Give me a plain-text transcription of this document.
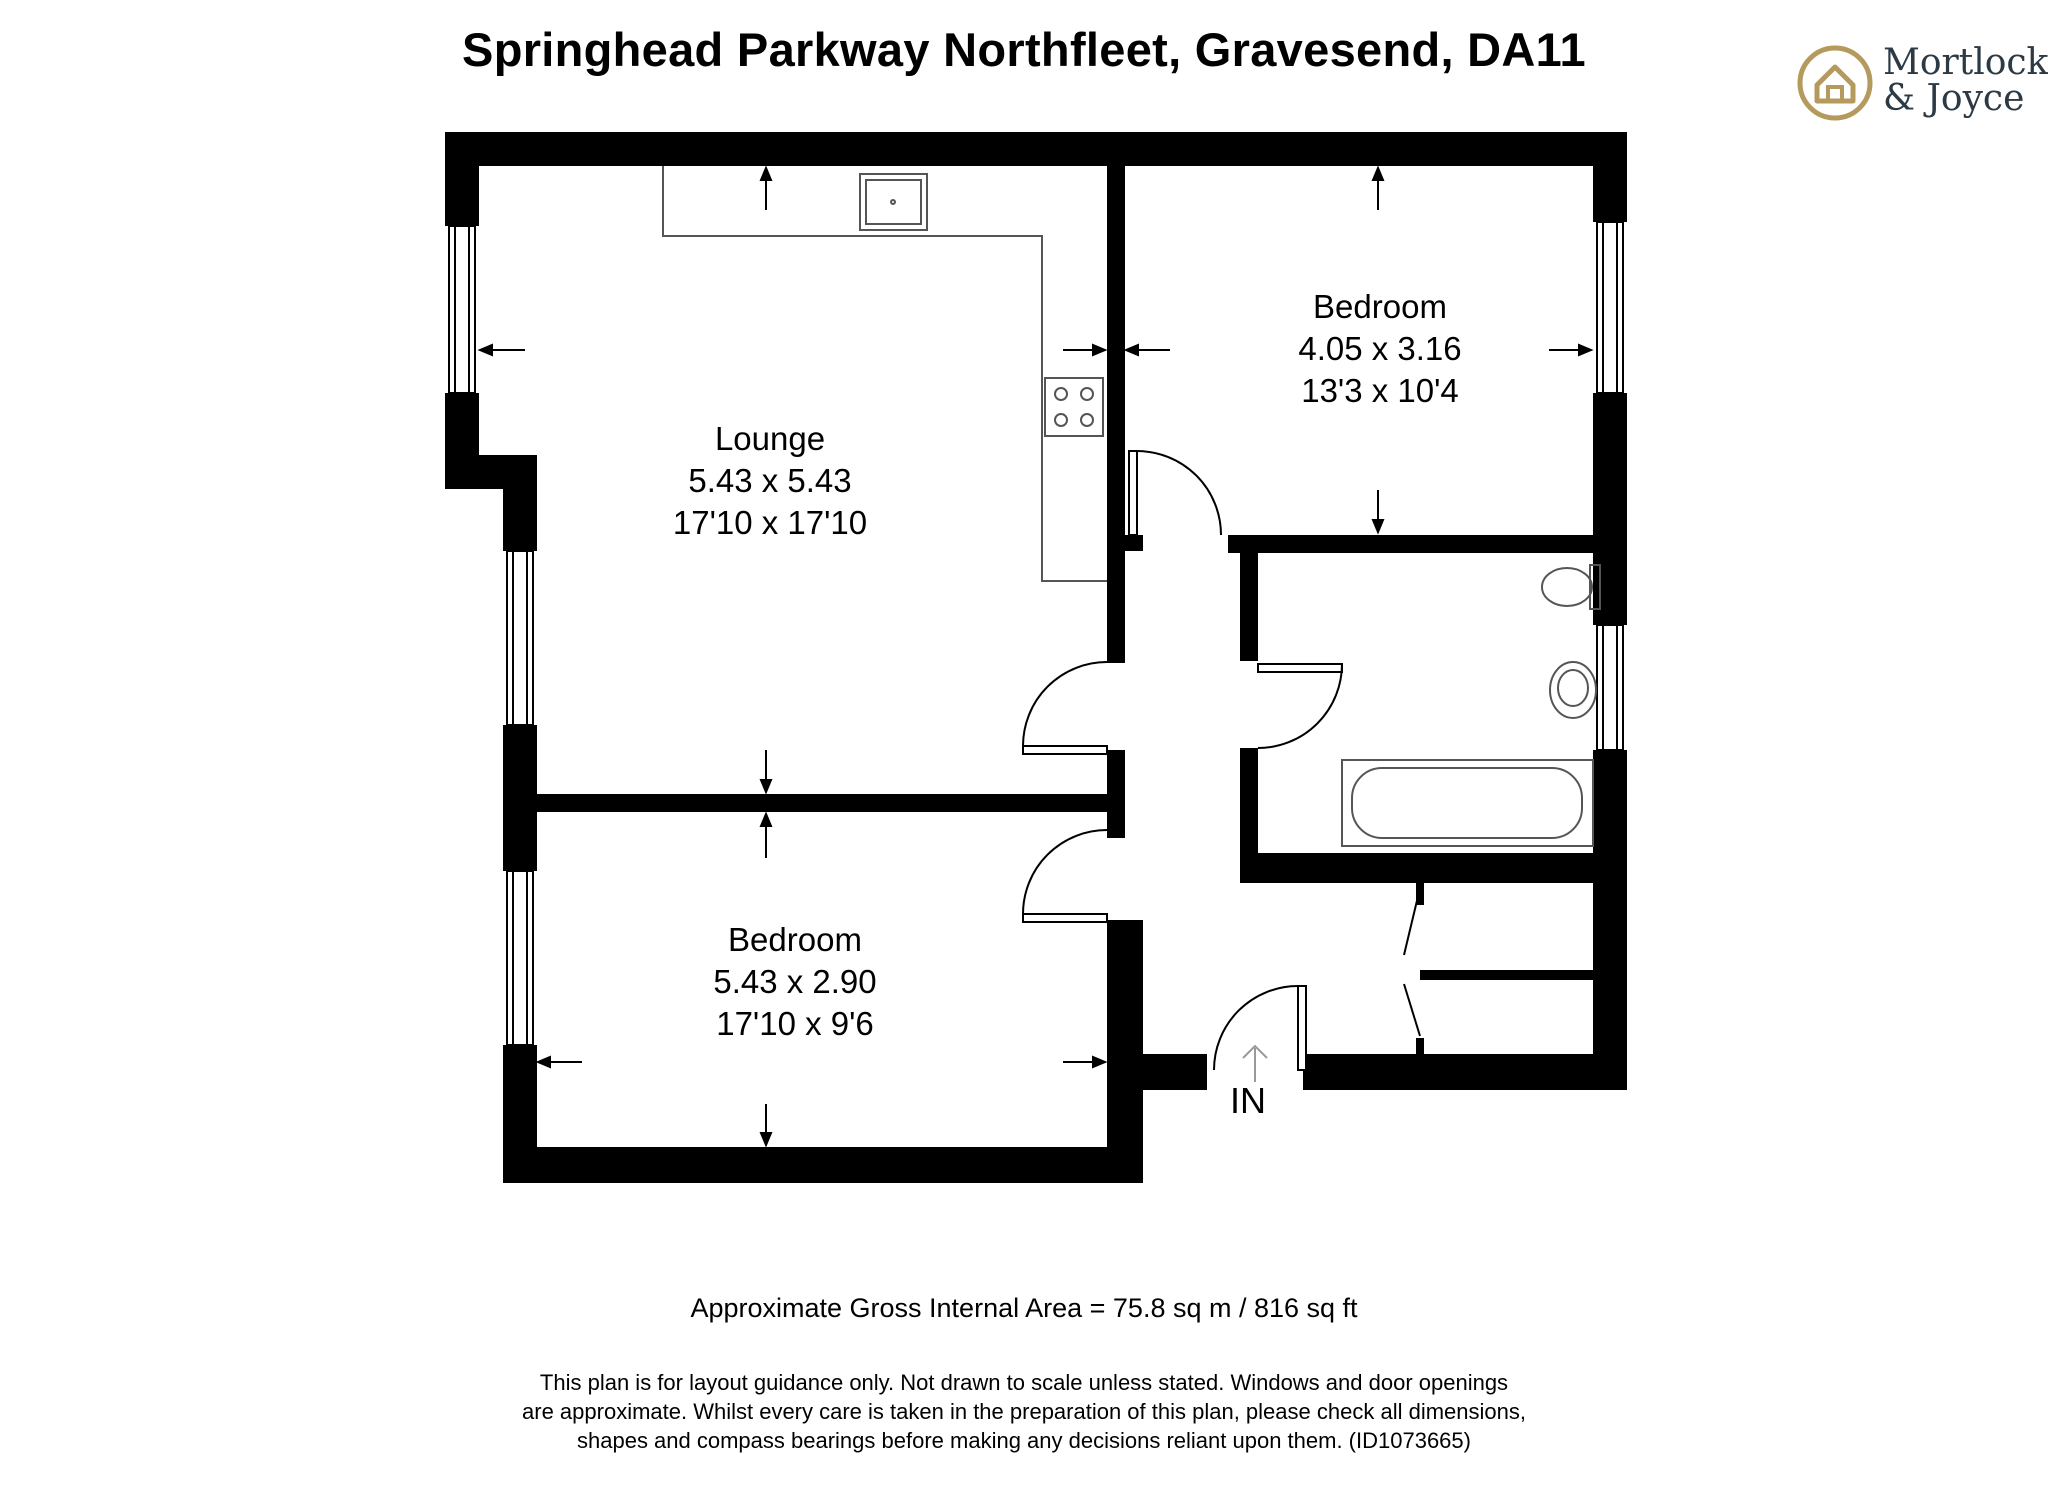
Springhead Parkway Northfleet, Gravesend, DA11	Mortlock
& Joyce
Lounge
5.43 x 5.43
17'10 x 17'10
Bedroom
4.05 x 3.16
13'3 x 10'4
Bedroom
5.43 x 2.90
17'10 x 9'6
IN
Approximate Gross Internal Area = 75.8 sq m / 816 sq ft
This plan is for layout guidance only. Not drawn to scale unless stated. Windows and door openings
are approximate. Whilst every care is taken in the preparation of this plan, please check all dimensions,
shapes and compass bearings before making any decisions reliant upon them. (ID1073665)
